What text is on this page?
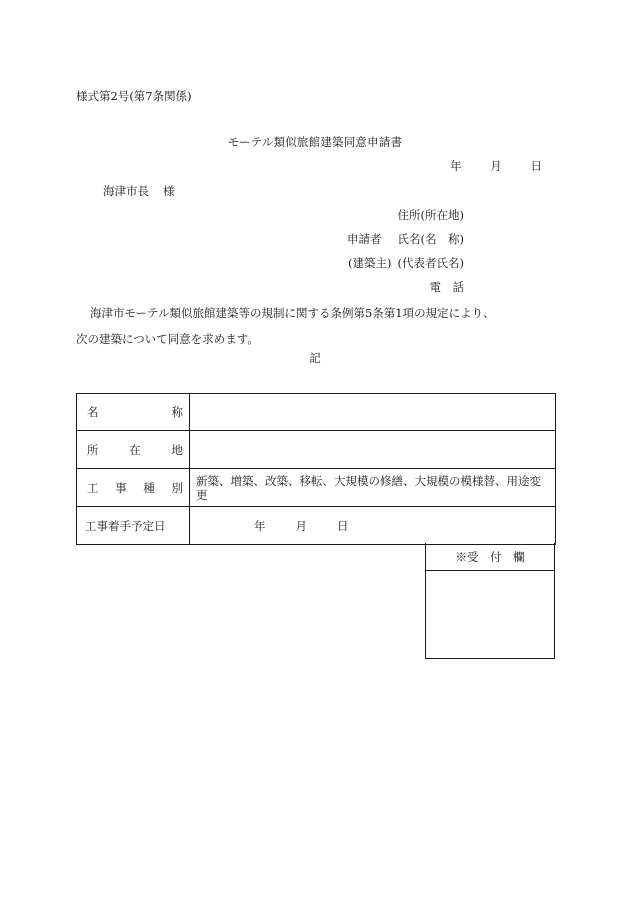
様式第2号(第7条関係)
モーテル類似旅館建築同意申請書
年	月	日
海津市長 様
住所(所在地)
申請者 氏名(名　称)
(建築主) (代表者氏名)
電　話
海津市モーテル類似旅館建築等の規制に関する条例第5条第1項の規定により、
次の建築について同意を求めます。
記
名 称	

所 在 地	

工 事 種 別	新築、増築、改築、移転、大規模の修繕、大規模の模様替、用途変更

工事着手予定日	年 月 日
※受　付　欄
